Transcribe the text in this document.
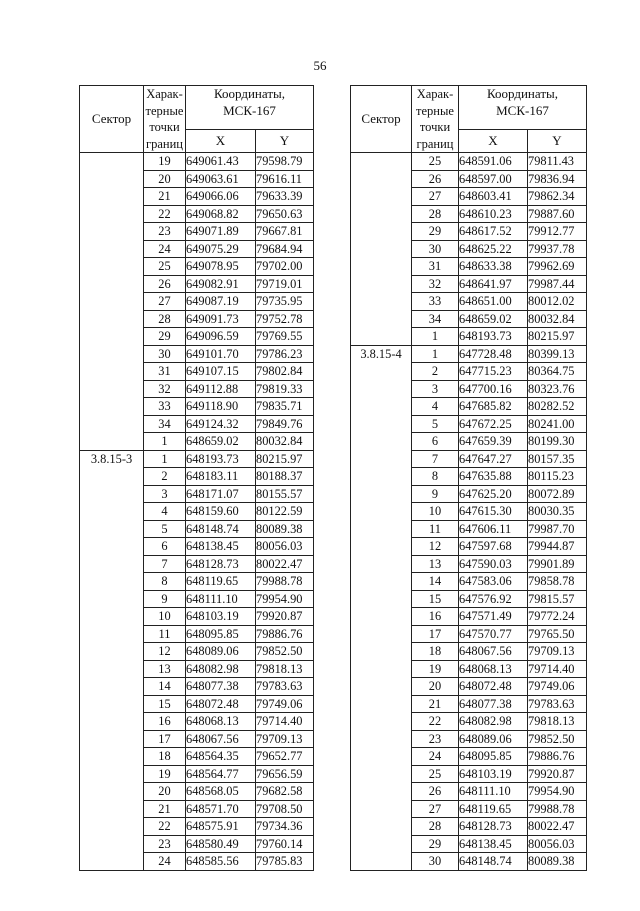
56
Сектор	Харак-
терные
точки
границ	Координаты,
МСК-167	
		X	Y
	19	649061.43	79598.79
	20	649063.61	79616.11
	21	649066.06	79633.39
	22	649068.82	79650.63
	23	649071.89	79667.81
	24	649075.29	79684.94
	25	649078.95	79702.00
	26	649082.91	79719.01
	27	649087.19	79735.95
	28	649091.73	79752.78
	29	649096.59	79769.55
	30	649101.70	79786.23
	31	649107.15	79802.84
	32	649112.88	79819.33
	33	649118.90	79835.71
	34	649124.32	79849.76
	1	648659.02	80032.84
3.8.15-3	1	648193.73	80215.97
	2	648183.11	80188.37
	3	648171.07	80155.57
	4	648159.60	80122.59
	5	648148.74	80089.38
	6	648138.45	80056.03
	7	648128.73	80022.47
	8	648119.65	79988.78
	9	648111.10	79954.90
	10	648103.19	79920.87
	11	648095.85	79886.76
	12	648089.06	79852.50
	13	648082.98	79818.13
	14	648077.38	79783.63
	15	648072.48	79749.06
	16	648068.13	79714.40
	17	648067.56	79709.13
	18	648564.35	79652.77
	19	648564.77	79656.59
	20	648568.05	79682.58
	21	648571.70	79708.50
	22	648575.91	79734.36
	23	648580.49	79760.14
	24	648585.56	79785.83
Сектор	Харак-
терные
точки
границ	Координаты,
МСК-167	
		X	Y
	25	648591.06	79811.43
	26	648597.00	79836.94
	27	648603.41	79862.34
	28	648610.23	79887.60
	29	648617.52	79912.77
	30	648625.22	79937.78
	31	648633.38	79962.69
	32	648641.97	79987.44
	33	648651.00	80012.02
	34	648659.02	80032.84
	1	648193.73	80215.97
3.8.15-4	1	647728.48	80399.13
	2	647715.23	80364.75
	3	647700.16	80323.76
	4	647685.82	80282.52
	5	647672.25	80241.00
	6	647659.39	80199.30
	7	647647.27	80157.35
	8	647635.88	80115.23
	9	647625.20	80072.89
	10	647615.30	80030.35
	11	647606.11	79987.70
	12	647597.68	79944.87
	13	647590.03	79901.89
	14	647583.06	79858.78
	15	647576.92	79815.57
	16	647571.49	79772.24
	17	647570.77	79765.50
	18	648067.56	79709.13
	19	648068.13	79714.40
	20	648072.48	79749.06
	21	648077.38	79783.63
	22	648082.98	79818.13
	23	648089.06	79852.50
	24	648095.85	79886.76
	25	648103.19	79920.87
	26	648111.10	79954.90
	27	648119.65	79988.78
	28	648128.73	80022.47
	29	648138.45	80056.03
	30	648148.74	80089.38
